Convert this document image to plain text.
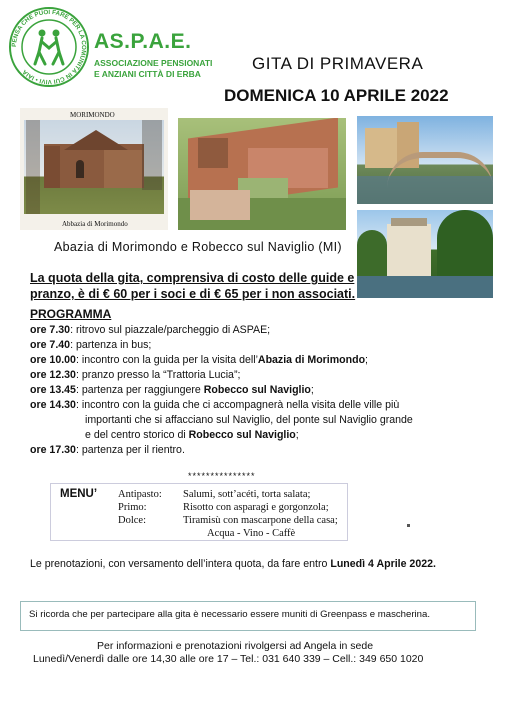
PENSA CHE PUOI FARE PER LA COMUNITÀ IN CUI VIVI • IAIA
AS.P.A.E.
ASSOCIAZIONE PENSIONATI
E ANZIANI CITTÀ DI ERBA
GITA DI PRIMAVERA
DOMENICA 10 APRILE 2022
MORIMONDO
Abbazia di Morimondo
Abazia di Morimondo e Robecco sul Naviglio (MI)
La quota della gita, comprensiva di costo delle guide e
pranzo, è di € 60 per i soci e di € 65 per i non associati.
PROGRAMMA
ore 7.30 : ritrovo sul piazzale/parcheggio di ASPAE;
ore 7.40 : partenza in bus;
ore 10.00 : incontro con la guida per la visita dell’ Abazia di Morimondo ;
ore 12.30 : pranzo presso la “Trattoria Lucia”;
ore 13.45 : partenza per raggiungere Robecco sul Naviglio ;
ore 14.30 : incontro con la guida che ci accompagnerà nella visita delle ville più
importanti che si affacciano sul Naviglio, del ponte sul Naviglio grande
e del centro storico di Robecco sul Naviglio;
ore 17.30 : partenza per il rientro.
***************
MENU’ Antipasto:	Salumi, sott’acéti, torta salata;
Primo:	Risotto con asparagi e gorgonzola;
Dolce:	Tiramisù con mascarpone della casa;
Acqua - Vino - Caffè
Le prenotazioni, con versamento dell’intera quota, da fare entro Lunedì 4 Aprile 2022.
Si ricorda che per partecipare alla gita è necessario essere muniti di Greenpass e mascherina.
Per informazioni e prenotazioni rivolgersi ad Angela in sede
Lunedì/Venerdì dalle ore 14,30 alle ore 17 – Tel.: 031 640 339 – Cell.: 349 650 1020
